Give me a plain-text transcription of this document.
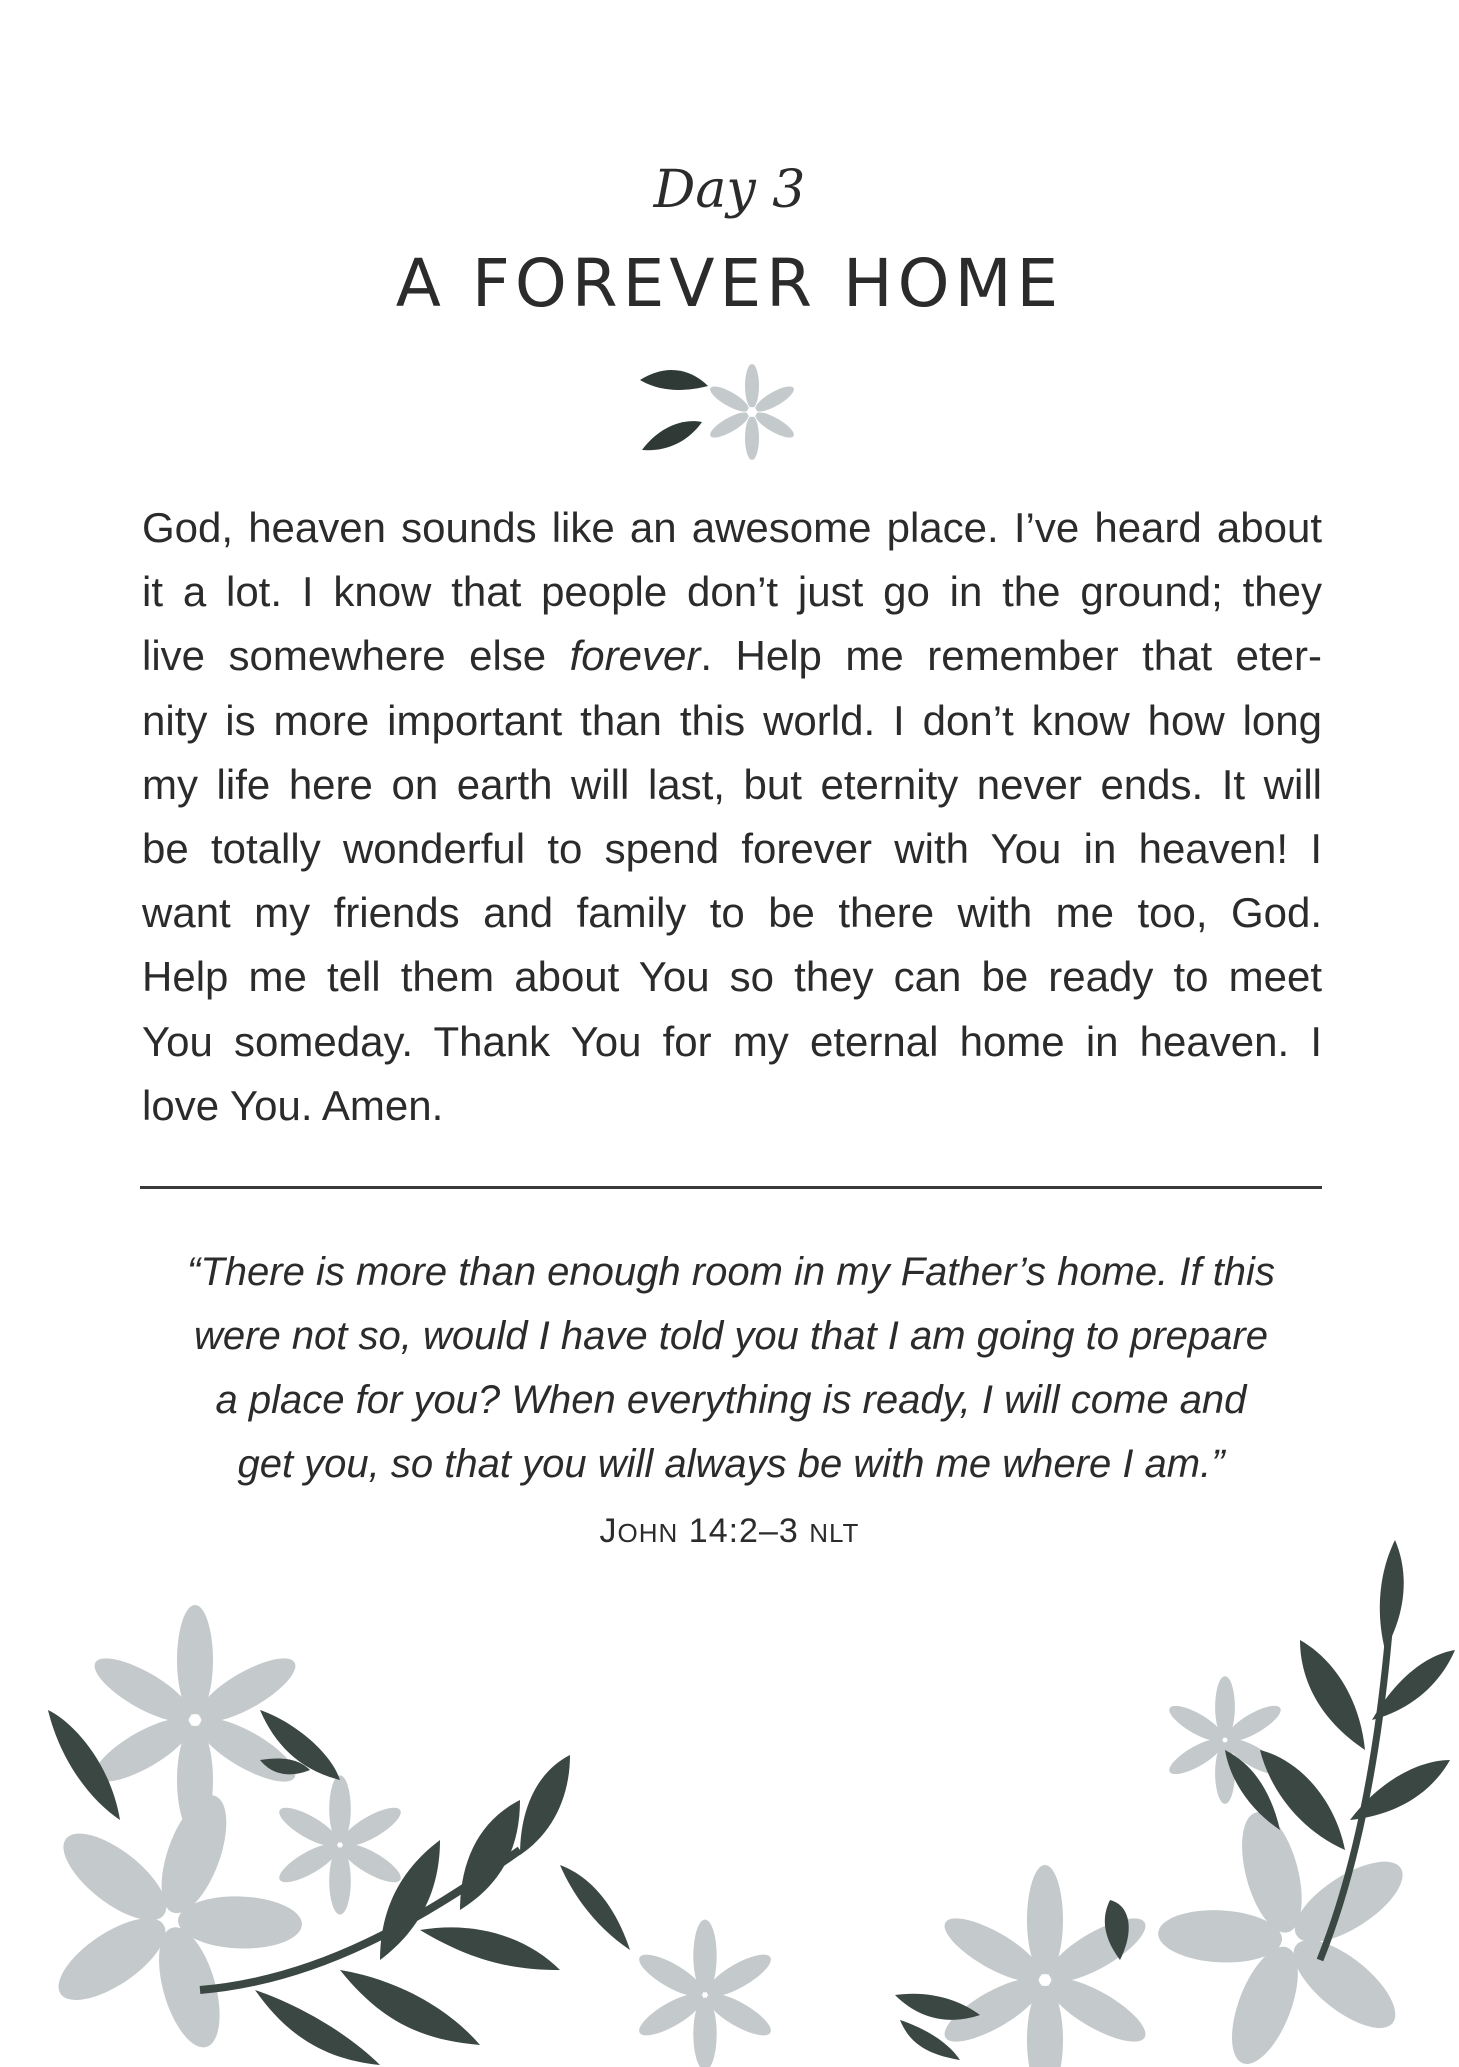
Day 3
A FOREVER HOME
God, heaven sounds like an awesome place. I’ve heard about
it a lot. I know that people don’t just go in the ground; they
live somewhere else forever. Help me remember that eter-
nity is more important than this world. I don’t know how long
my life here on earth will last, but eternity never ends. It will
be totally wonderful to spend forever with You in heaven! I
want my friends and family to be there with me too, God.
Help me tell them about You so they can be ready to meet
You someday. Thank You for my eternal home in heaven. I
love You. Amen.
“There is more than enough room in my Father’s home. If this
were not so, would I have told you that I am going to prepare
a place for you? When everything is ready, I will come and
get you, so that you will always be with me where I am.”
JOHN 14:2–3 NLT
